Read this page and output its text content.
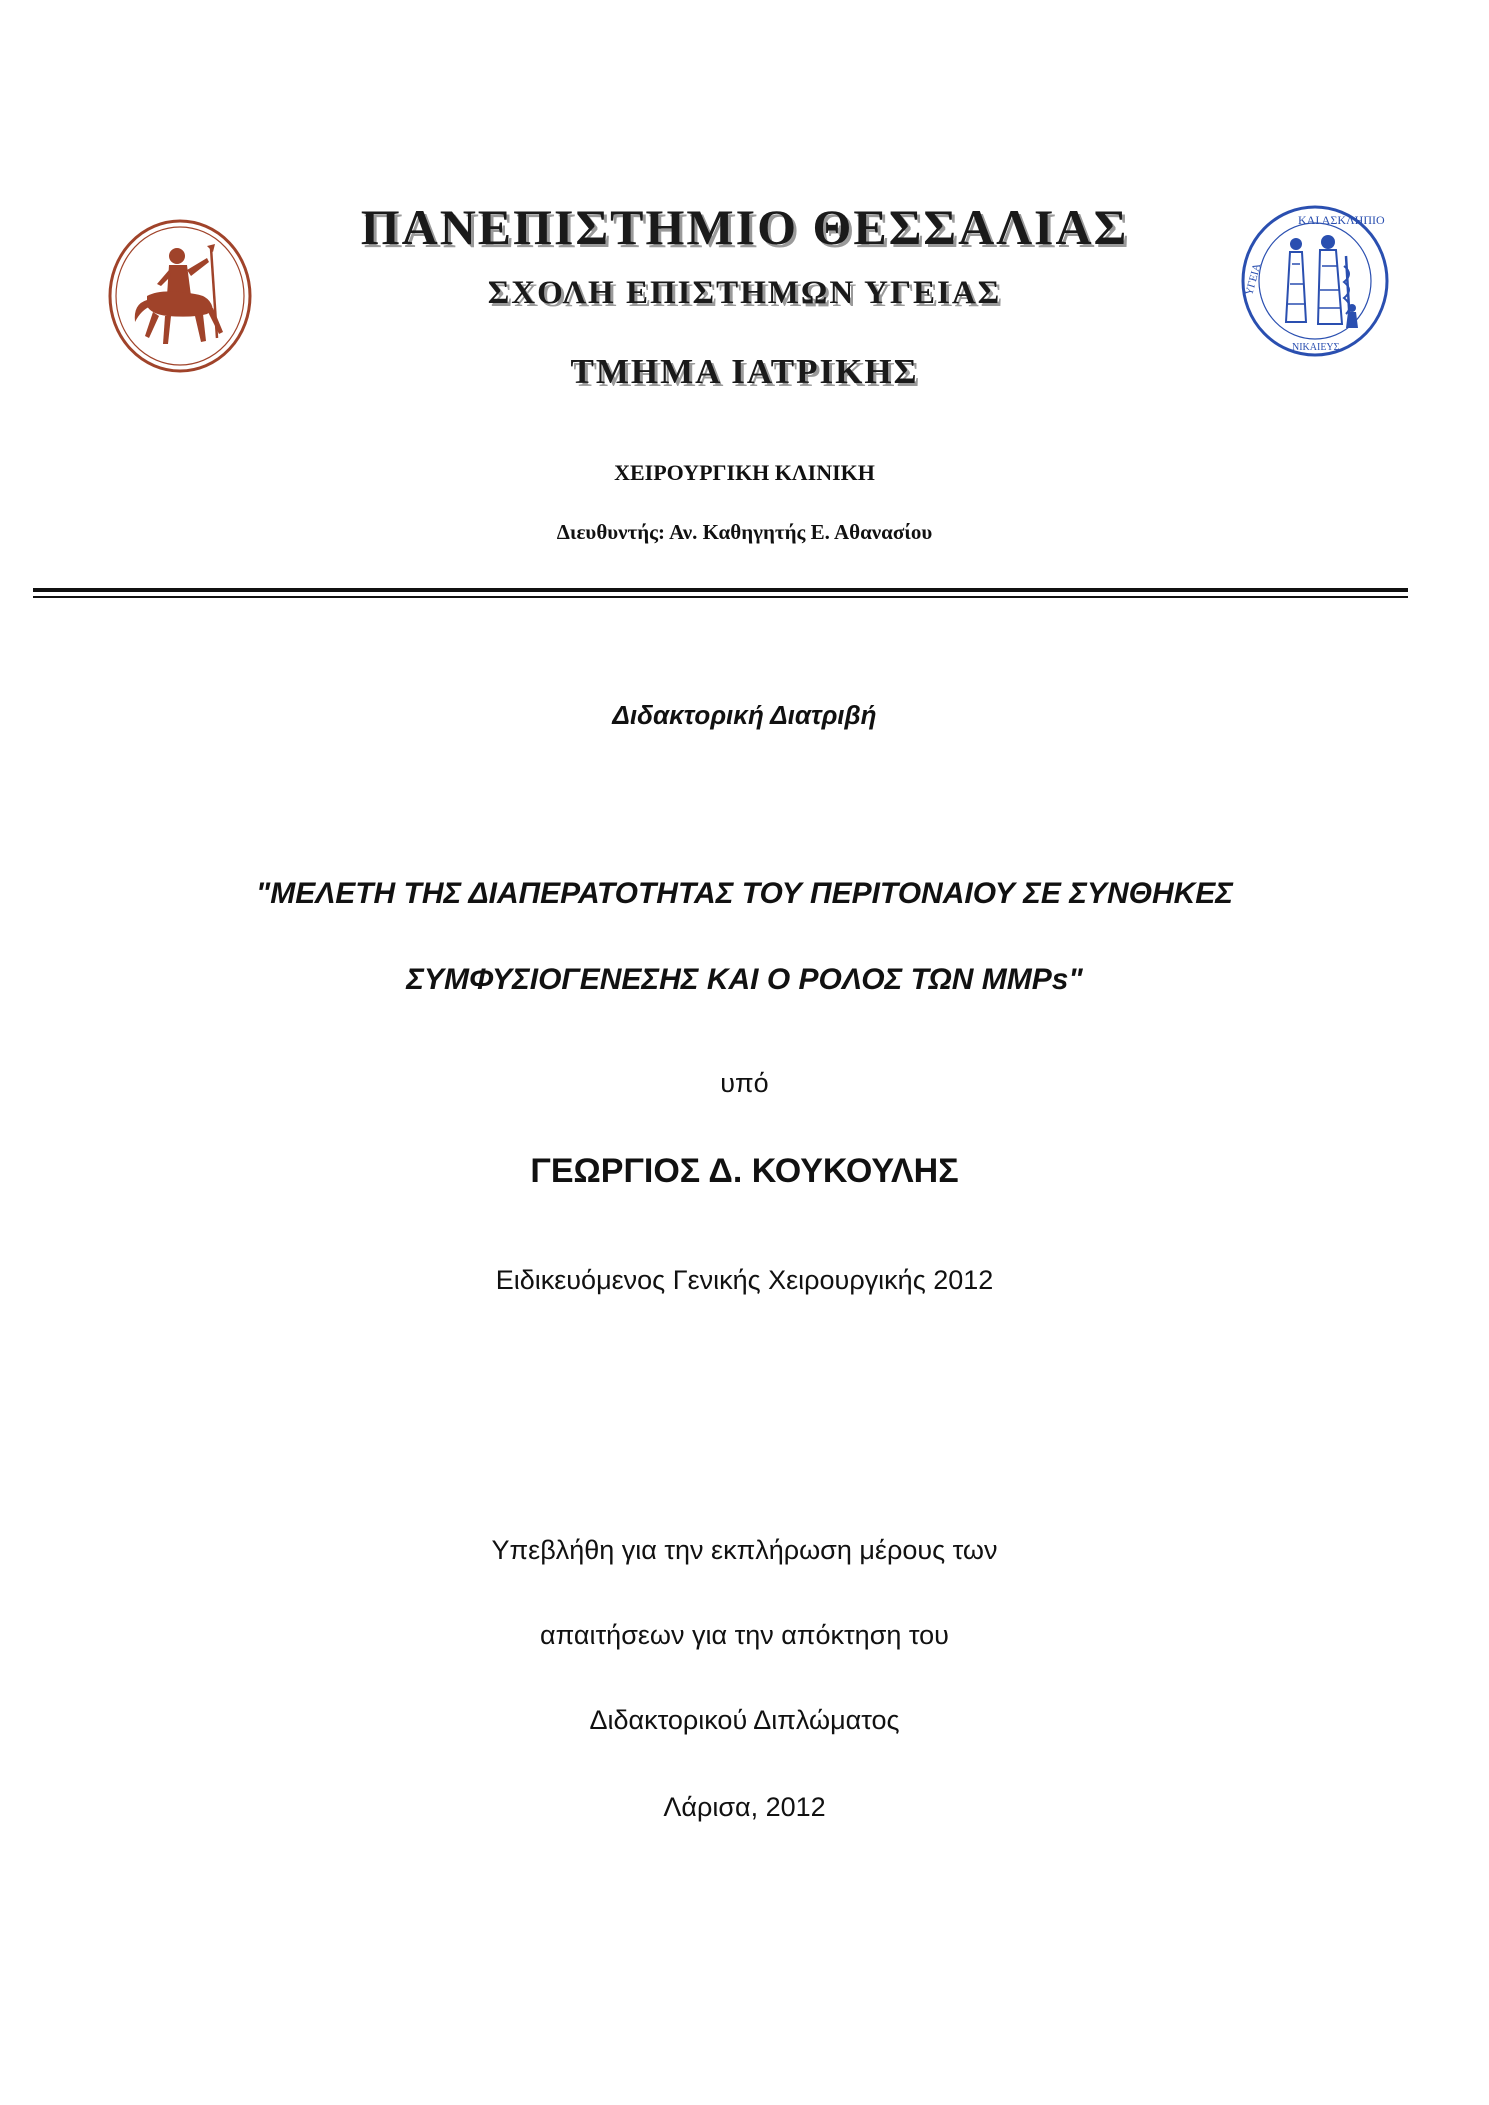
ΚΑΙ ΑΣΚΛΗΠΙΟ
ΥΓΕΙΑ
ΝΙΚΑΙΕΥΣ
ΠΑΝΕΠΙΣΤΗΜΙΟ ΘΕΣΣΑΛΙΑΣ
ΣΧΟΛΗ ΕΠΙΣΤΗΜΩΝ ΥΓΕΙΑΣ
ΤΜΗΜΑ ΙΑΤΡΙΚΗΣ
ΧΕΙΡΟΥΡΓΙΚΗ ΚΛΙΝΙΚΗ
Διευθυντής: Αν. Καθηγητής Ε. Αθανασίου
Διδακτορική Διατριβή
"ΜΕΛΕΤΗ ΤΗΣ ΔΙΑΠΕΡΑΤΟΤΗΤΑΣ ΤΟΥ ΠΕΡΙΤΟΝΑΙΟΥ ΣΕ ΣΥΝΘΗΚΕΣ
ΣΥΜΦΥΣΙΟΓΕΝΕΣΗΣ ΚΑΙ Ο ΡΟΛΟΣ ΤΩΝ MMPs"
υπό
ΓΕΩΡΓΙΟΣ Δ. ΚΟΥΚΟΥΛΗΣ
Ειδικευόμενος Γενικής Χειρουργικής 2012
Υπεβλήθη για την εκπλήρωση μέρους των
απαιτήσεων για την απόκτηση του
Διδακτορικού Διπλώματος
Λάρισα, 2012
